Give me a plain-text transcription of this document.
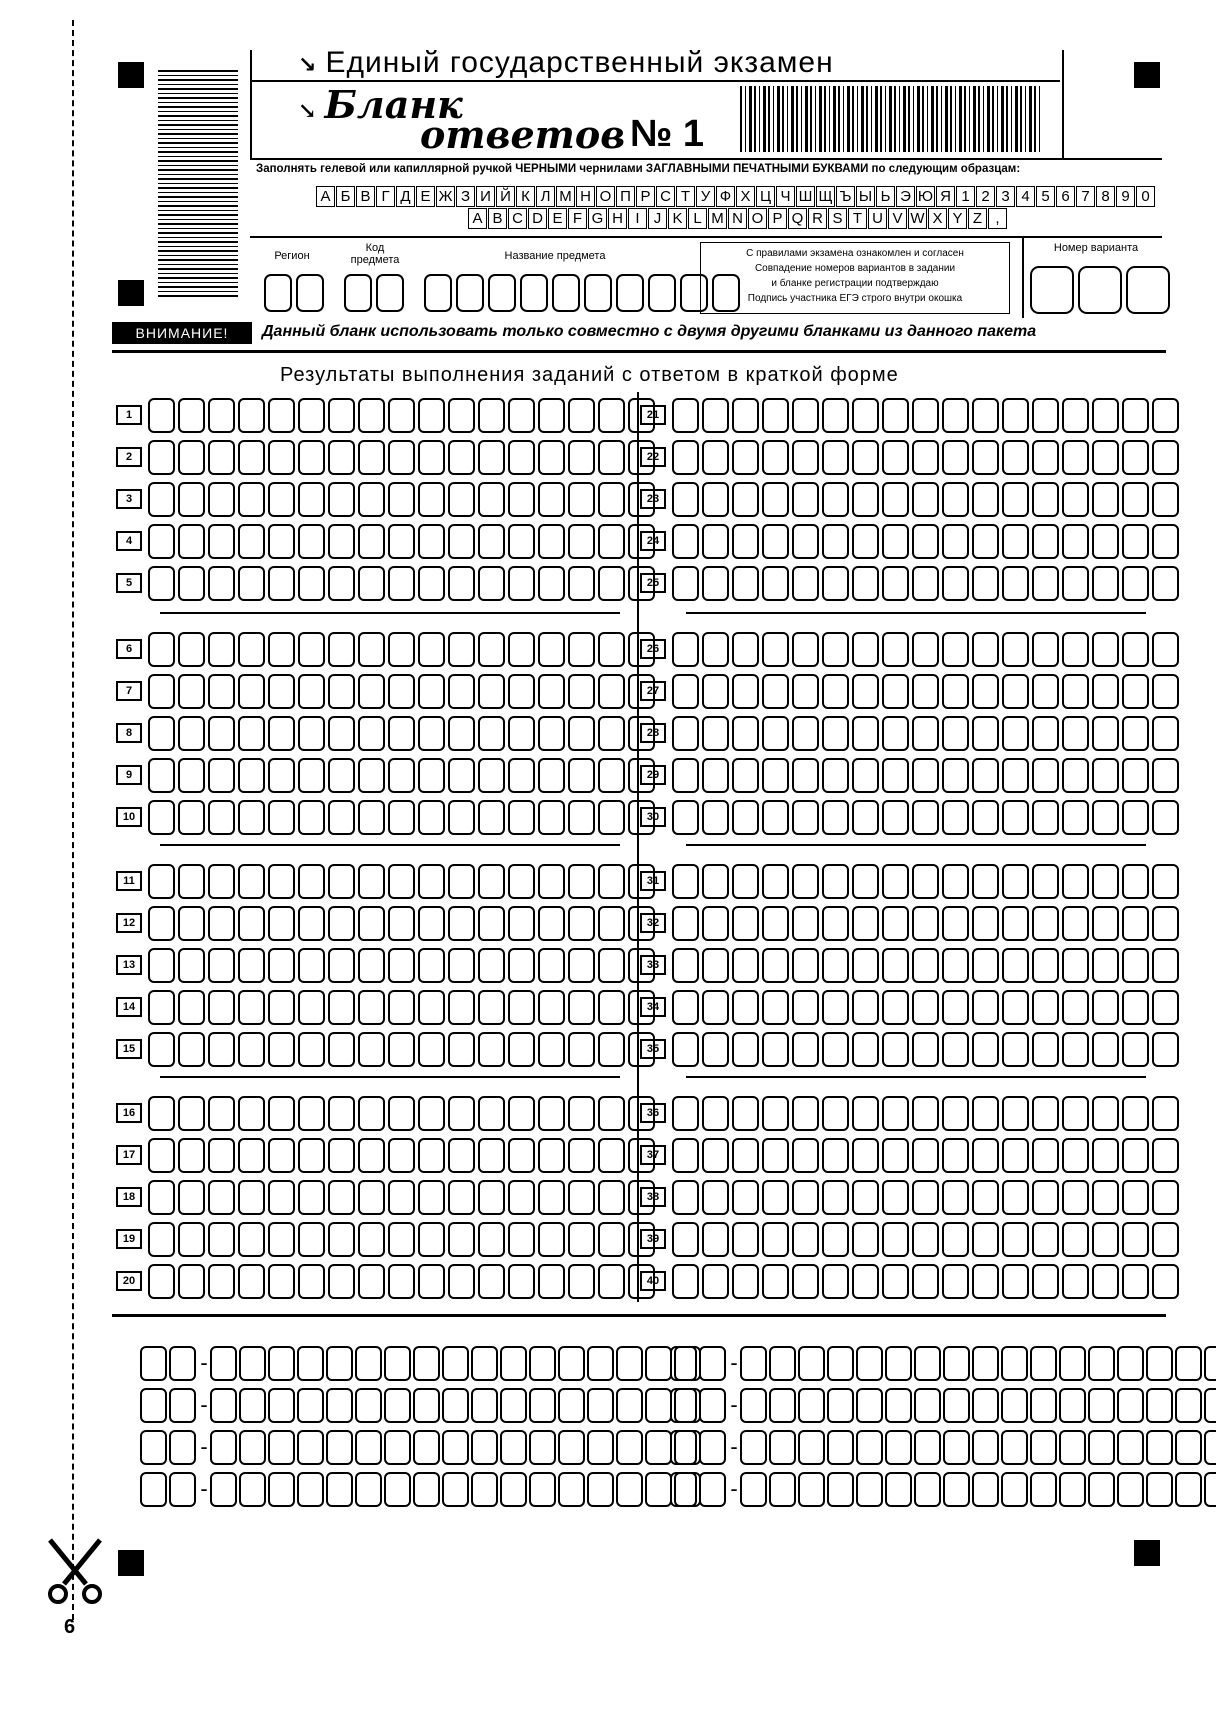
↘ Единый государственный экзамен
↘ Бланк
ответов № 1
Заполнять гелевой или капиллярной ручкой ЧЕРНЫМИ чернилами ЗАГЛАВНЫМИ ПЕЧАТНЫМИ БУКВАМИ по следующим образцам:
А Б В Г Д Е Ж З И Й К Л М Н О П Р С Т У Ф Х Ц Ч Ш Щ Ъ Ы Ь Э Ю Я 1 2 3 4 5 6 7 8 9 0
A B C D E F G H I J K L M N O P Q R S T U V W X Y Z ,
Регион
Код
предмета	Название предмета	С правилами экзамена ознакомлен и согласен
Совпадение номеров вариантов в задании
и бланке регистрации подтверждаю
Подпись участника ЕГЭ строго внутри окошка
Номер варианта
ВНИМАНИЕ!	Данный бланк использовать только совместно с двумя другими бланками из данного пакета
Результаты выполнения заданий с ответом в краткой форме
1
2
3
4
5
6
7
8
9
10
11
12
13
14
15
16
17
18
19
20
21
22
23
24
25
26
27
28
29
30
31
32
33
34
35
36
37
38
39
40
-	-
-	-
-	-
-	-
6
